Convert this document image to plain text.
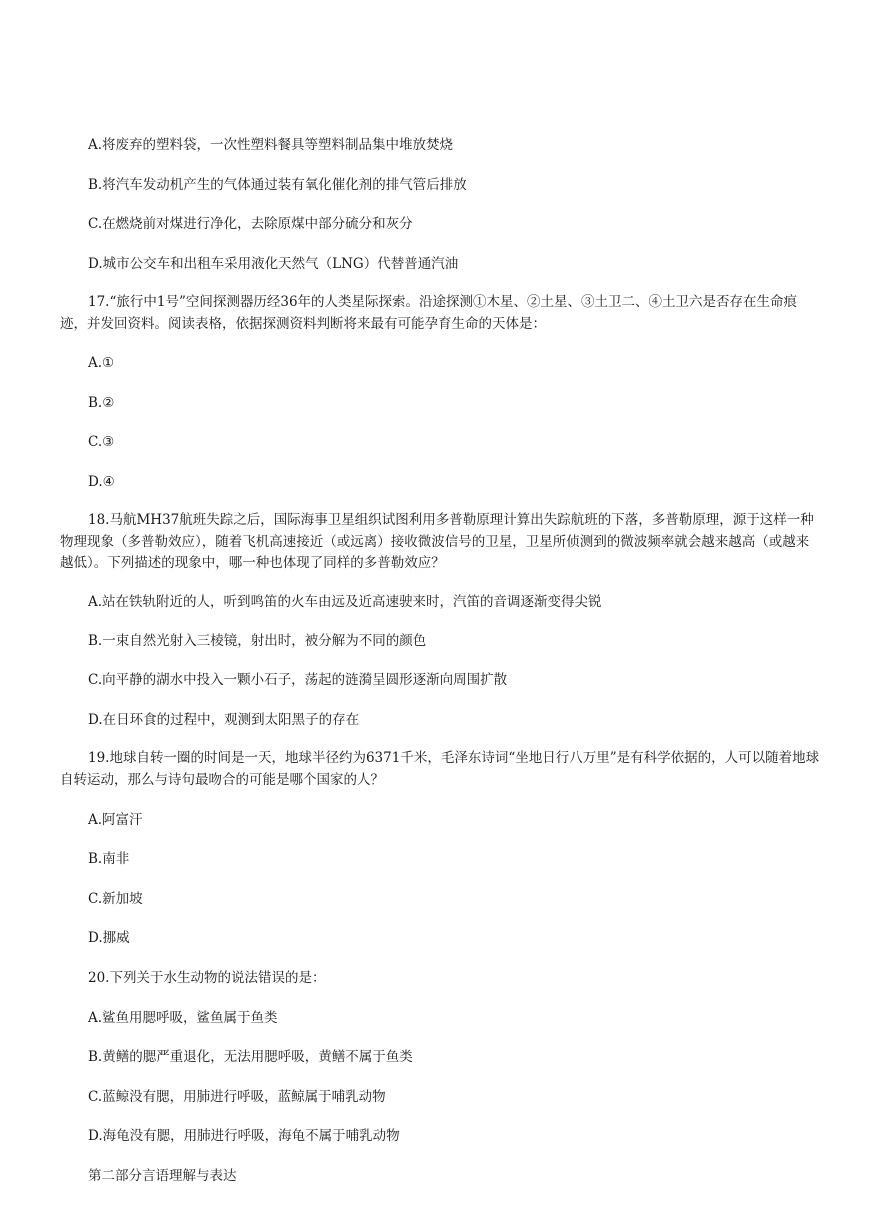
A.将废弃的塑料袋，一次性塑料餐具等塑料制品集中堆放焚烧
B.将汽车发动机产生的气体通过装有氧化催化剂的排气管后排放
C.在燃烧前对煤进行净化，去除原煤中部分硫分和灰分
D.城市公交车和出租车采用液化天然气（LNG）代替普通汽油
17.“旅行中1号”空间探测器历经36年的人类星际探索。沿途探测①木星、②土星、③土卫二、④土卫六是否存在生命痕迹，并发回资料。阅读表格，依据探测资料判断将来最有可能孕育生命的天体是：
A.①
B.②
C.③
D.④
18.马航MH37航班失踪之后，国际海事卫星组织试图利用多普勒原理计算出失踪航班的下落，多普勒原理，源于这样一种物理现象（多普勒效应），随着飞机高速接近（或远离）接收微波信号的卫星，卫星所侦测到的微波频率就会越来越高（或越来越低）。下列描述的现象中，哪一种也体现了同样的多普勒效应？
A.站在铁轨附近的人，听到鸣笛的火车由远及近高速驶来时，汽笛的音调逐渐变得尖锐
B.一束自然光射入三棱镜，射出时，被分解为不同的颜色
C.向平静的湖水中投入一颗小石子，荡起的涟漪呈圆形逐渐向周围扩散
D.在日环食的过程中，观测到太阳黑子的存在
19.地球自转一圈的时间是一天，地球半径约为6371千米，毛泽东诗词“坐地日行八万里”是有科学依据的，人可以随着地球自转运动，那么与诗句最吻合的可能是哪个国家的人？
A.阿富汗
B.南非
C.新加坡
D.挪威
20.下列关于水生动物的说法错误的是：
A.鲨鱼用腮呼吸，鲨鱼属于鱼类
B.黄鳝的腮严重退化，无法用腮呼吸，黄鳝不属于鱼类
C.蓝鲸没有腮，用肺进行呼吸，蓝鲸属于哺乳动物
D.海龟没有腮，用肺进行呼吸，海龟不属于哺乳动物
第二部分言语理解与表达
